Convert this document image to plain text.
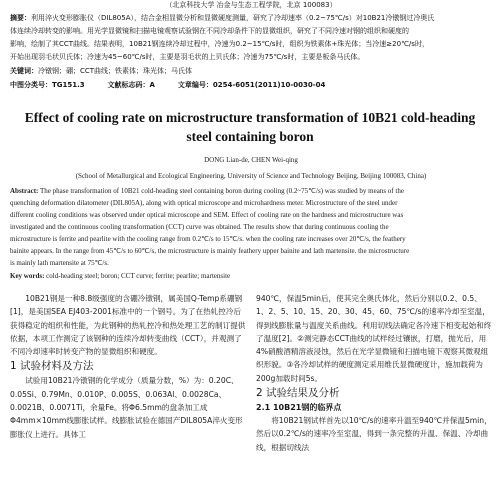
（北京科技大学 冶金与生态工程学院，北京 100083）
摘要：利用淬火变形膨胀仪（DIL805A），结合金相显微分析和显微硬度测量，研究了冷却速率（0.2~75℃/s）对10B21冷镦钢过冷奥氏
体连续冷却转变的影响。用光学显微镜和扫描电镜观察试验钢在不同冷却条件下的显微组织，研究了不同冷速对钢的组织和硬度的
影响，绘制了其CCT曲线。结果表明，10B21钢连续冷却过程中，冷速为0.2~15℃/s时，组织为铁素体+珠光体；当冷速≥20℃/s时，
开始出现羽毛状贝氏体；冷速为45~60℃/s时，主要是羽毛状的上贝氏体；冷速为75℃/s时，主要是板条马氏体。
关键词：冷镦钢；硼；CCT曲线；铁素体；珠光体；马氏体
中图分类号：TG151.3	文献标志码：A	文章编号：0254-6051(2011)10-0030-04
Effect of cooling rate on microstructure transformation of 10B21 cold-heading
steel containing boron
DONG Lian-de, CHEN Wei-qing
(School of Metallurgical and Ecological Engineering, University of Science and Technology Beijing, Beijing 100083, China)
Abstract: The phase transformation of 10B21 cold-heading steel containing boron during cooling (0.2~75℃/s) was studied by means of the
quenching deformation dilatometer (DIL805A), along with optical microscope and microhardness meter. Microstructure of the steel under
different cooling conditions was observed under optical microscope and SEM. Effect of cooling rate on the hardness and microstructure was
investigated and the continuous cooling transformation (CCT) curve was obtained. The results show that during continuous cooling the
microstructure is ferrite and pearlite with the cooling range from 0.2℃/s to 15℃/s. when the cooling rate increases over 20℃/s, the feathery
bainite appears. In the range from 45℃/s to 60℃/s, the microstructure is mainly feathery upper bainite and lath martensite. the microstructure
is mainly lath martensite at 75℃/s.
Key words: cold-heading steel; boron; CCT curve; ferrite; pearlite; martensite

10B21钢是一种8.8级强度的含硼冷镦钢，属美国Q-Temp系硼钢[1]，是美国SEA EJ403-2001标准中的一个钢号。为了在热轧控冷后获得稳定的组织和性能，为此钢种的热轧控冷和热处理工艺的制订提供依据，本项工作测定了该钢种的连续冷却转变曲线（CCT），并观测了不同冷却速率时转变产物的显微组织和硬度。

1 试验材料及方法

试验用10B21冷镦钢的化学成分（质量分数，%）为：0.20C、0.05Si、0.79Mn、0.010P、0.005S、0.063Al、0.0028Ca、0.0021B、0.0071Ti，余量Fe。将Φ6.5mm的盘条加工成Φ4mm×10mm线膨胀试样。线膨胀试验在德国产DIL805A淬火变形膨胀仪上进行。具体工

940℃，保温5min后，使其完全奥氏体化，然后分别以0.2、0.5、1、2、5、10、15、20、30、45、60、75℃/s的速率冷却至室温，得到线膨胀量与温度关系曲线。利用切线法确定各冷速下相变起始和终了温度[2]。②测完静态CCT曲线的试样经过镶嵌，打磨，抛光后，用4%硝酸酒精溶液浸蚀，然后在光学显微镜和扫描电镜下观察其微观组织形貌。③各冷却试样的硬度测定采用维氏显微硬度计，施加载荷为200g加载时间5s。

2 试验结果及分析

2.1 10B21钢的临界点

将10B21钢试样首先以10℃/s的速率升温至940℃并保温5min，然后以0.2℃/s的速率冷至室温，得到一条完整的升温、保温、冷却曲线，根据切线法
